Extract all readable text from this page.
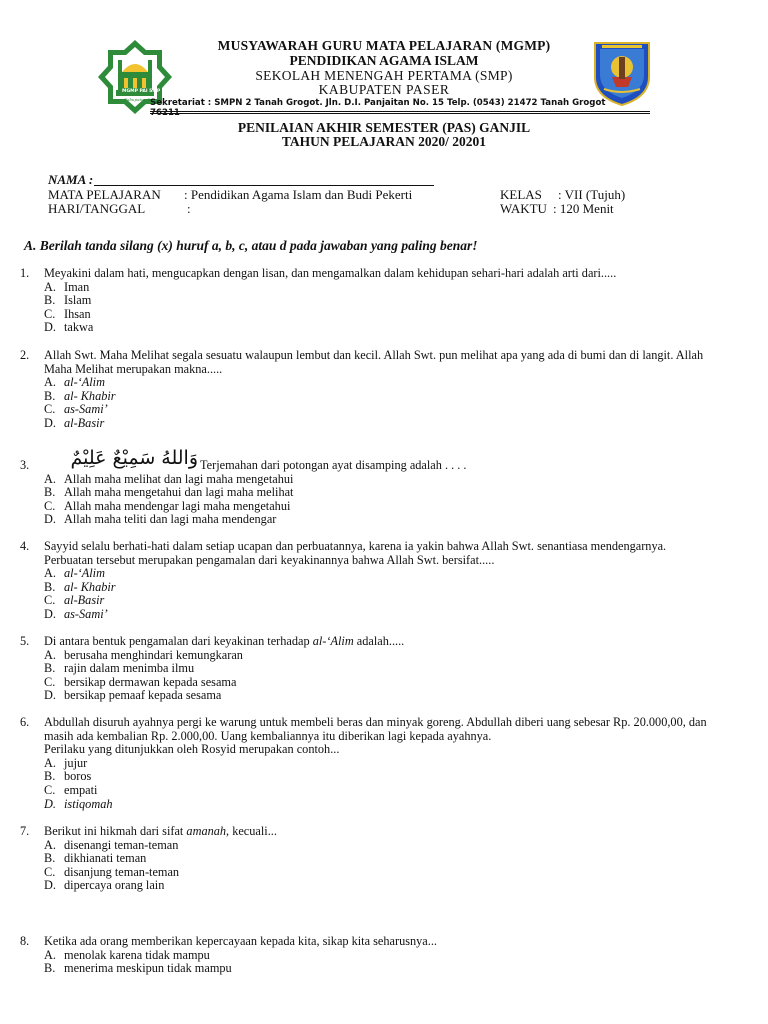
MGMP PAI SMP
Kabupaten Paser
MUSYAWARAH GURU MATA PELAJARAN (MGMP)
PENDIDIKAN AGAMA ISLAM
SEKOLAH MENENGAH PERTAMA (SMP)
KABUPATEN PASER
Sekretariat : SMPN 2 Tanah Grogot. Jln. D.I. Panjaitan No. 15 Telp. (0543) 21472 Tanah Grogot 76211
PENILAIAN AKHIR SEMESTER (PAS) GANJIL
TAHUN PELAJARAN 2020/ 20201
NAMA :
MATA PELAJARAN : Pendidikan Agama Islam dan Budi Pekerti
HARI/TANGGAL	:
KELAS : VII (Tujuh)
WAKTU : 120 Menit
A. Berilah tanda silang (x) huruf a, b, c, atau d pada jawaban yang paling benar!
1.	Meyakini dalam hati, mengucapkan dengan lisan, dan mengamalkan dalam kehidupan sehari-hari adalah arti dari.....
A. Iman
B. Islam
C. Ihsan
D. takwa
2.	Allah Swt. Maha Melihat segala sesuatu walaupun lembut dan kecil. Allah Swt. pun melihat apa yang ada di bumi dan di langit. Allah Maha Melihat merupakan makna.....
A. al-‘Alim
B. al- Khabir
C. as-Sami’
D. al-Basir
وَاللهُ سَمِيْعٌ عَلِيْمٌ
3.	Terjemahan dari potongan ayat disamping adalah . . . .
A. Allah maha melihat dan lagi maha mengetahui
B. Allah maha mengetahui dan lagi maha melihat
C. Allah maha mendengar lagi maha mengetahui
D. Allah maha teliti dan lagi maha mendengar
4.	Sayyid selalu berhati-hati dalam setiap ucapan dan perbuatannya, karena ia yakin bahwa Allah Swt. senantiasa mendengarnya. Perbuatan tersebut merupakan pengamalan dari keyakinannya bahwa Allah Swt. bersifat.....
A. al-‘Alim
B. al- Khabir
C. al-Basir
D. as-Sami’
5.	Di antara bentuk pengamalan dari keyakinan terhadap al-‘Alim adalah.....
A. berusaha menghindari kemungkaran
B. rajin dalam menimba ilmu
C. bersikap dermawan kepada sesama
D. bersikap pemaaf kepada sesama
6.	Abdullah disuruh ayahnya pergi ke warung untuk membeli beras dan minyak goreng. Abdullah diberi uang sebesar Rp. 20.000,00, dan masih ada kembalian Rp. 2.000,00. Uang kembaliannya itu diberikan lagi kepada ayahnya.
Perilaku yang ditunjukkan oleh Rosyid merupakan contoh...
A. jujur
B. boros
C. empati
D. istiqomah
7.	Berikut ini hikmah dari sifat amanah, kecuali...
A. disenangi teman-teman
B. dikhianati teman
C. disanjung teman-teman
D. dipercaya orang lain
8.	Ketika ada orang memberikan kepercayaan kepada kita, sikap kita seharusnya...
A. menolak karena tidak mampu
B. menerima meskipun tidak mampu
